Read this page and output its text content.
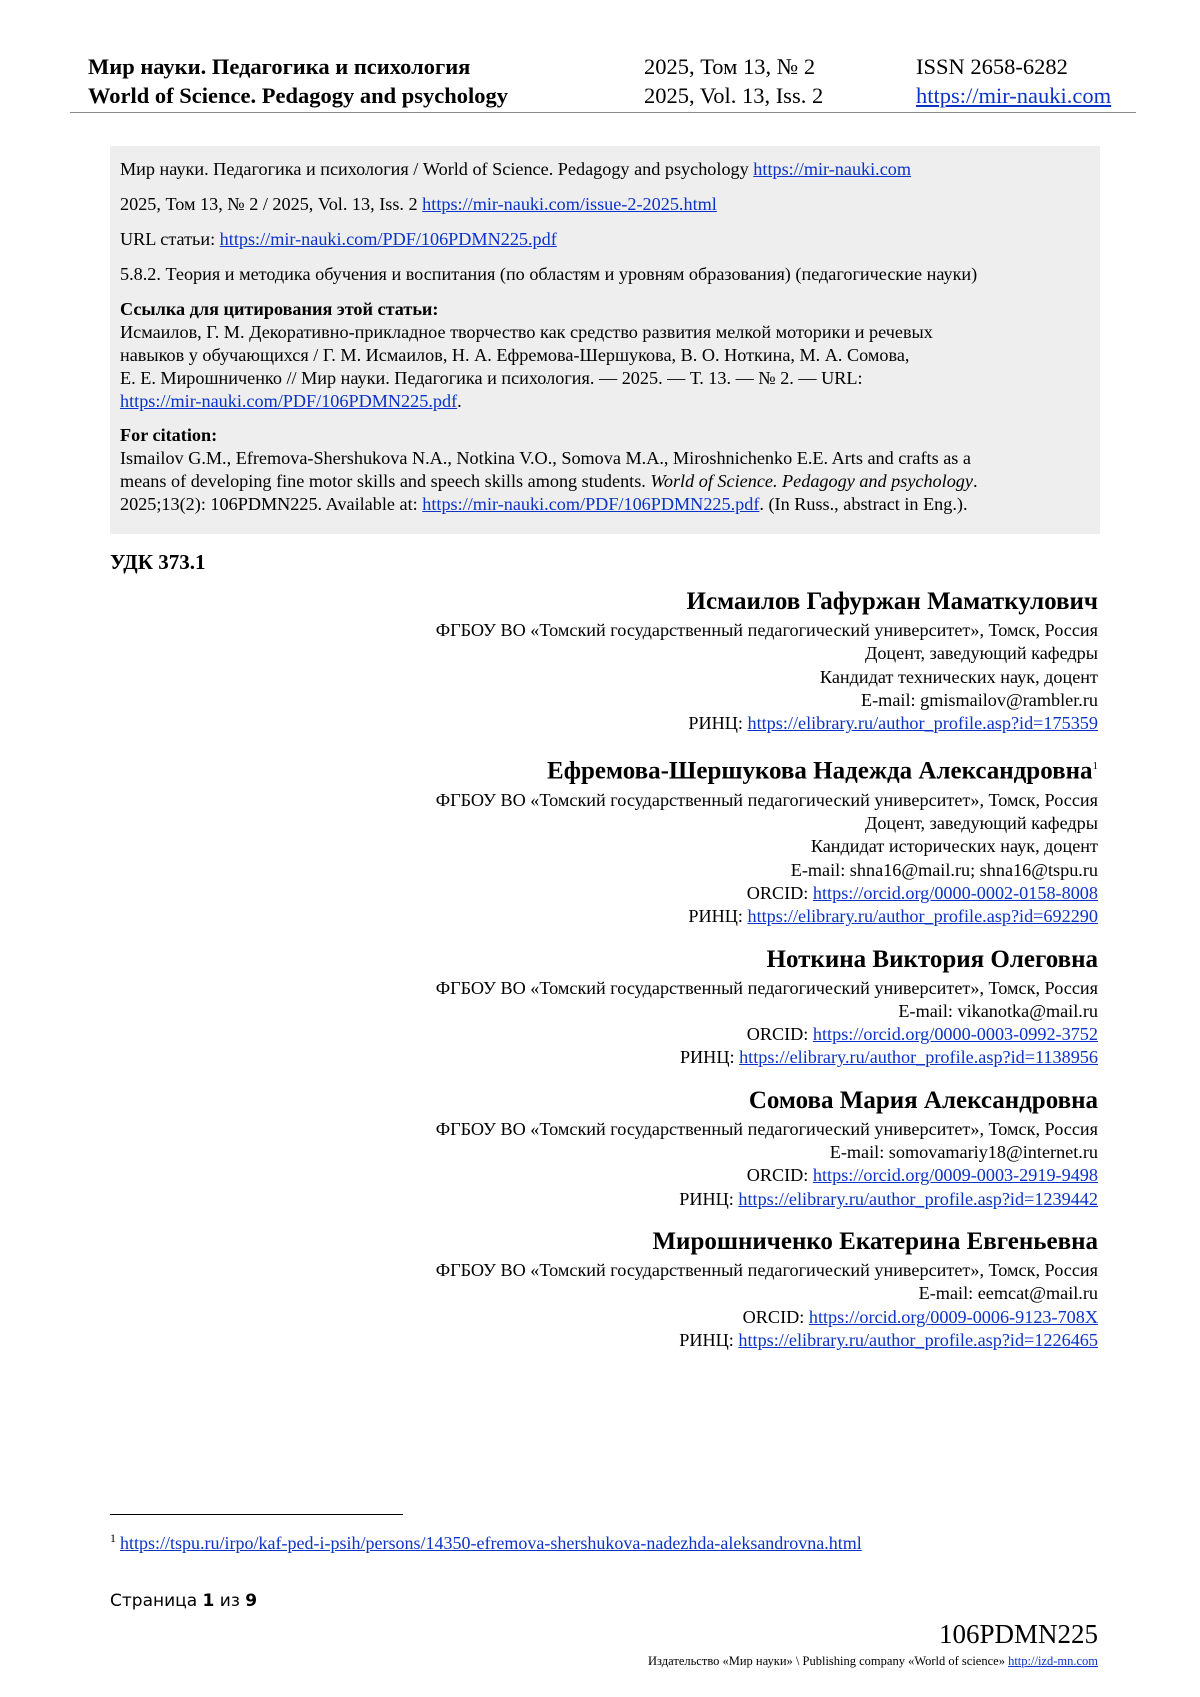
Мир науки. Педагогика и психология
World of Science. Pedagogy and psychology
2025, Том 13, № 2
2025, Vol. 13, Iss. 2
ISSN 2658-6282
https://mir-nauki.com

Мир науки. Педагогика и психология / World of Science. Pedagogy and psychology https://mir-nauki.com

2025, Том 13, № 2 / 2025, Vol. 13, Iss. 2 https://mir-nauki.com/issue-2-2025.html

URL статьи: https://mir-nauki.com/PDF/106PDMN225.pdf

5.8.2. Теория и методика обучения и воспитания (по областям и уровням образования) (педагогические науки)

Ссылка для цитирования этой статьи:

Исмаилов, Г. М. Декоративно-прикладное творчество как средство развития мелкой моторики и речевых

навыков у обучающихся / Г. М. Исмаилов, Н. А. Ефремова-Шершукова, В. О. Ноткина, М. А. Сомова,

Е. Е. Мирошниченко // Мир науки. Педагогика и психология. — 2025. — Т. 13. — № 2. — URL:

https://mir-nauki.com/PDF/106PDMN225.pdf.

For citation:

Ismailov G.M., Efremova-Shershukova N.A., Notkina V.O., Somova M.A., Miroshnichenko E.E. Arts and crafts as a

means of developing fine motor skills and speech skills among students. World of Science. Pedagogy and psychology.

2025;13(2): 106PDMN225. Available at: https://mir-nauki.com/PDF/106PDMN225.pdf. (In Russ., abstract in Eng.).

УДК 373.1
Исмаилов Гафуржан Маматкулович
ФГБОУ ВО «Томский государственный педагогический университет», Томск, Россия
Доцент, заведующий кафедры
Кандидат технических наук, доцент
E-mail: gmismailov@rambler.ru
РИНЦ: https://elibrary.ru/author_profile.asp?id=175359
Ефремова-Шершукова Надежда Александровна$^1$
ФГБОУ ВО «Томский государственный педагогический университет», Томск, Россия
Доцент, заведующий кафедры
Кандидат исторических наук, доцент
E-mail: shna16@mail.ru; shna16@tspu.ru
ORCID: https://orcid.org/0000-0002-0158-8008
РИНЦ: https://elibrary.ru/author_profile.asp?id=692290
Ноткина Виктория Олеговна
ФГБОУ ВО «Томский государственный педагогический университет», Томск, Россия
E-mail: vikanotka@mail.ru
ORCID: https://orcid.org/0000-0003-0992-3752
РИНЦ: https://elibrary.ru/author_profile.asp?id=1138956
Сомова Мария Александровна
ФГБОУ ВО «Томский государственный педагогический университет», Томск, Россия
E-mail: somovamariy18@internet.ru
ORCID: https://orcid.org/0009-0003-2919-9498
РИНЦ: https://elibrary.ru/author_profile.asp?id=1239442
Мирошниченко Екатерина Евгеньевна
ФГБОУ ВО «Томский государственный педагогический университет», Томск, Россия
E-mail: eemcat@mail.ru
ORCID: https://orcid.org/0009-0006-9123-708X
РИНЦ: https://elibrary.ru/author_profile.asp?id=1226465
$^1$ https://tspu.ru/irpo/kaf-ped-i-psih/persons/14350-efremova-shershukova-nadezhda-aleksandrovna.html
Страница 1 из 9
106PDMN225
Издательство «Мир науки» \ Publishing company «World of science» http://izd-mn.com
